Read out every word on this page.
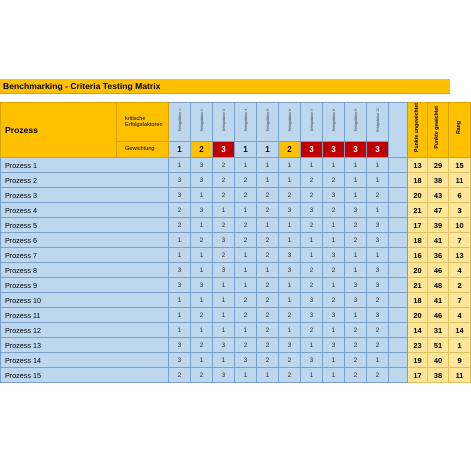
Benchmarking - Criteria Testing Matrix
Prozess	kritische Erfolgsfaktoren	Erfolgsfaktor 1	Erfolgsfaktor 2	Erfolgsfaktor 3	Erfolgsfaktor 4	Erfolgsfaktor 5	Erfolgsfaktor 6	Erfolgsfaktor 7	Erfolgsfaktor 8	Erfolgsfaktor 9	Erfolgsfaktor 10		Punkte ungewichtet	Punkte gewichtet	Rang
	Gewichtung	1	2	3	1	1	2	3	3	3	3				
Prozess 1		1	3	2	1	1	1	1	1	1	1		13	29	15
Prozess 2		3	3	2	2	1	1	2	2	1	1		18	38	11
Prozess 3		3	1	2	2	2	2	2	3	1	2		20	43	6
Prozess 4		2	3	1	1	2	3	3	2	3	1		21	47	3
Prozess 5		2	1	2	2	1	1	2	1	2	3		17	39	10
Prozess 6		1	2	3	2	2	1	1	1	2	3		18	41	7
Prozess 7		1	1	2	1	2	3	1	3	1	1		16	36	13
Prozess 8		3	1	3	1	1	3	2	2	1	3		20	46	4
Prozess 9		3	3	1	1	2	1	2	1	3	3		21	48	2
Prozess 10		1	1	1	2	2	1	3	2	3	2		18	41	7
Prozess 11		1	2	1	2	2	2	3	3	1	3		20	46	4
Prozess 12		1	1	1	1	2	1	2	1	2	2		14	31	14
Prozess 13		3	2	3	2	2	3	1	3	2	2		23	51	1
Prozess 14		3	1	1	3	2	2	3	1	2	1		19	40	9
Prozess 15		2	2	3	1	1	2	1	1	2	2		17	38	11
